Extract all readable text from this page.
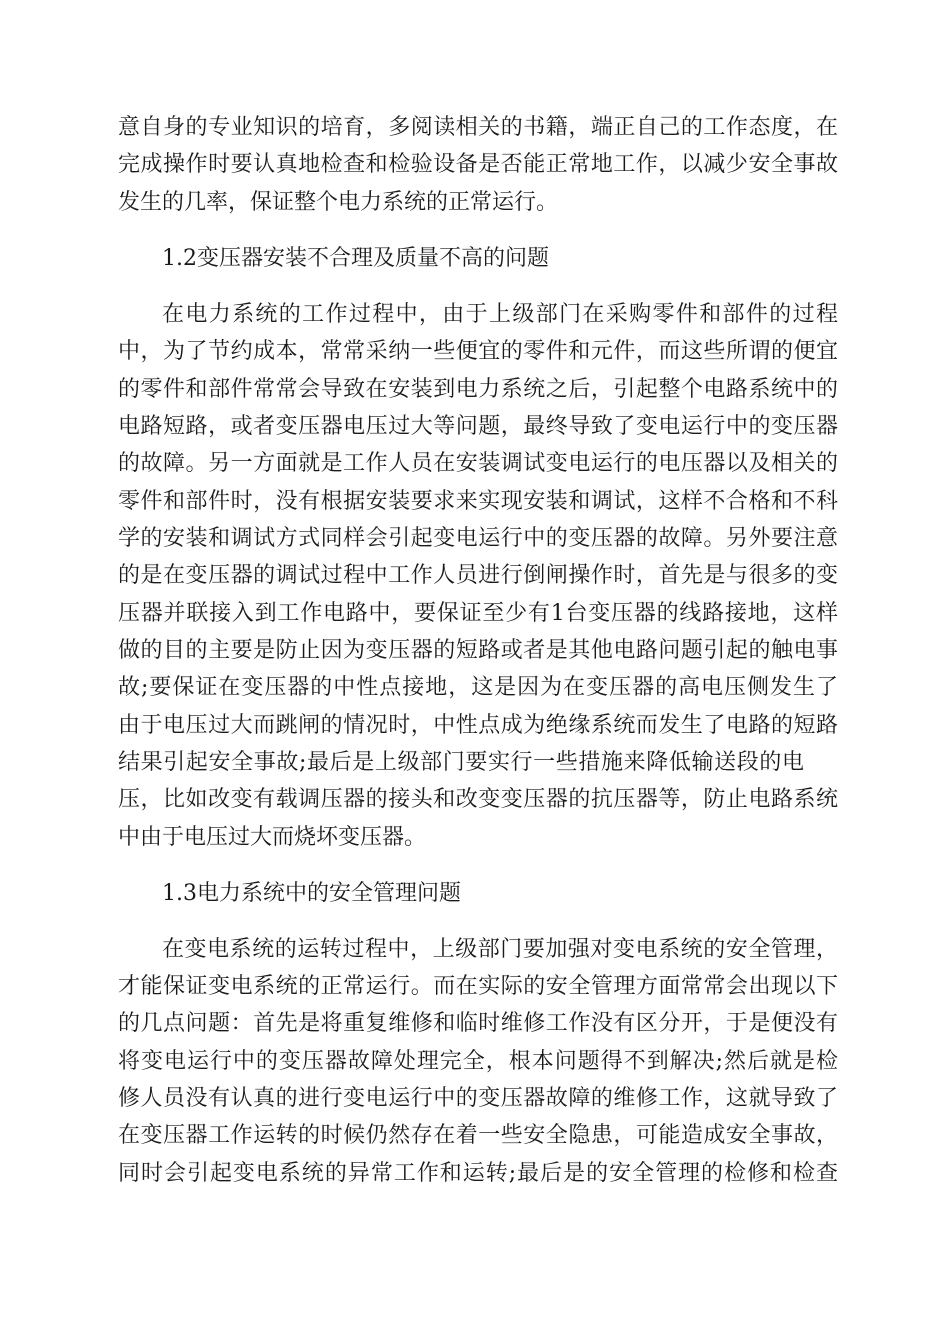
意自身的专业知识的培育，多阅读相关的书籍，端正自己的工作态度，在
完成操作时要认真地检查和检验设备是否能正常地工作，以减少安全事故
发生的几率，保证整个电力系统的正常运行。
1.2变压器安装不合理及质量不高的问题
在电力系统的工作过程中，由于上级部门在采购零件和部件的过程
中，为了节约成本，常常采纳一些便宜的零件和元件，而这些所谓的便宜
的零件和部件常常会导致在安装到电力系统之后，引起整个电路系统中的
电路短路，或者变压器电压过大等问题，最终导致了变电运行中的变压器
的故障。另一方面就是工作人员在安装调试变电运行的电压器以及相关的
零件和部件时，没有根据安装要求来实现安装和调试，这样不合格和不科
学的安装和调试方式同样会引起变电运行中的变压器的故障。另外要注意
的是在变压器的调试过程中工作人员进行倒闸操作时，首先是与很多的变
压器并联接入到工作电路中，要保证至少有1台变压器的线路接地，这样
做的目的主要是防止因为变压器的短路或者是其他电路问题引起的触电事
故;要保证在变压器的中性点接地，这是因为在变压器的高电压侧发生了
由于电压过大而跳闸的情况时，中性点成为绝缘系统而发生了电路的短路
结果引起安全事故;最后是上级部门要实行一些措施来降低输送段的电
压，比如改变有载调压器的接头和改变变压器的抗压器等，防止电路系统
中由于电压过大而烧坏变压器。
1.3电力系统中的安全管理问题
在变电系统的运转过程中，上级部门要加强对变电系统的安全管理，
才能保证变电系统的正常运行。而在实际的安全管理方面常常会出现以下
的几点问题：首先是将重复维修和临时维修工作没有区分开，于是便没有
将变电运行中的变压器故障处理完全，根本问题得不到解决;然后就是检
修人员没有认真的进行变电运行中的变压器故障的维修工作，这就导致了
在变压器工作运转的时候仍然存在着一些安全隐患，可能造成安全事故，
同时会引起变电系统的异常工作和运转;最后是的安全管理的检修和检查
